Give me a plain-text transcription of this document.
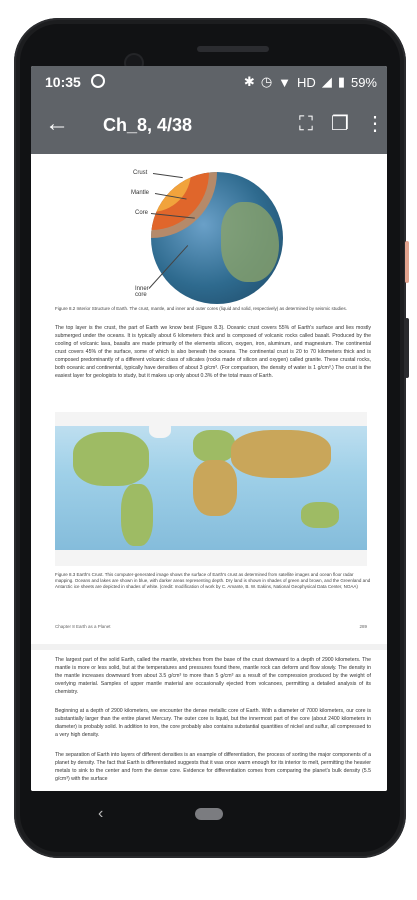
10:35	✱ ◷ ▼ HD ◢ ▮ 59%
← Ch_8, 4/38	⛶ ❐ ⋮
Crust
Mantle
Core
Inner core
Figure 8.2 Interior Structure of Earth. The crust, mantle, and inner and outer cores (liquid and solid, respectively) as determined by seismic studies.
The top layer is the crust, the part of Earth we know best (Figure 8.3). Oceanic crust covers 55% of Earth's surface and lies mostly submerged under the oceans. It is typically about 6 kilometers thick and is composed of volcanic rocks called basalt. Produced by the cooling of volcanic lava, basalts are made primarily of the elements silicon, oxygen, iron, aluminum, and magnesium. The continental crust covers 45% of the surface, some of which is also beneath the oceans. The continental crust is 20 to 70 kilometers thick and is composed predominantly of a different volcanic class of silicates (rocks made of silicon and oxygen) called granite. These crustal rocks, both oceanic and continental, typically have densities of about 3 g/cm³. (For comparison, the density of water is 1 g/cm³.) The crust is the easiest layer for geologists to study, but it makes up only about 0.3% of the total mass of Earth.
Figure 8.3 Earth's Crust. This computer-generated image shows the surface of Earth's crust as determined from satellite images and ocean floor radar mapping. Oceans and lakes are shown in blue, with darker areas representing depth. Dry land is shown in shades of green and brown, and the Greenland and Antarctic ice sheets are depicted in shades of white. (credit: modification of work by C. Amante, B. W. Eakins, National Geophysical Data Center, NOAA)
Chapter 8 Earth as a Planet	289
The largest part of the solid Earth, called the mantle, stretches from the base of the crust downward to a depth of 2900 kilometers. The mantle is more or less solid, but at the temperatures and pressures found there, mantle rock can deform and flow slowly. The density in the mantle increases downward from about 3.5 g/cm³ to more than 5 g/cm³ as a result of the compression produced by the weight of overlying material. Samples of upper mantle material are occasionally ejected from volcanoes, permitting a detailed analysis of its chemistry.
Beginning at a depth of 2900 kilometers, we encounter the dense metallic core of Earth. With a diameter of 7000 kilometers, our core is substantially larger than the entire planet Mercury. The outer core is liquid, but the innermost part of the core (about 2400 kilometers in diameter) is probably solid. In addition to iron, the core probably also contains substantial quantities of nickel and sulfur, all compressed to a very high density.
The separation of Earth into layers of different densities is an example of differentiation, the process of sorting the major components of a planet by density. The fact that Earth is differentiated suggests that it was once warm enough for its interior to melt, permitting the heavier metals to sink to the center and form the dense core. Evidence for differentiation comes from comparing the planet's bulk density (5.5 g/cm³) with the surface
‹
